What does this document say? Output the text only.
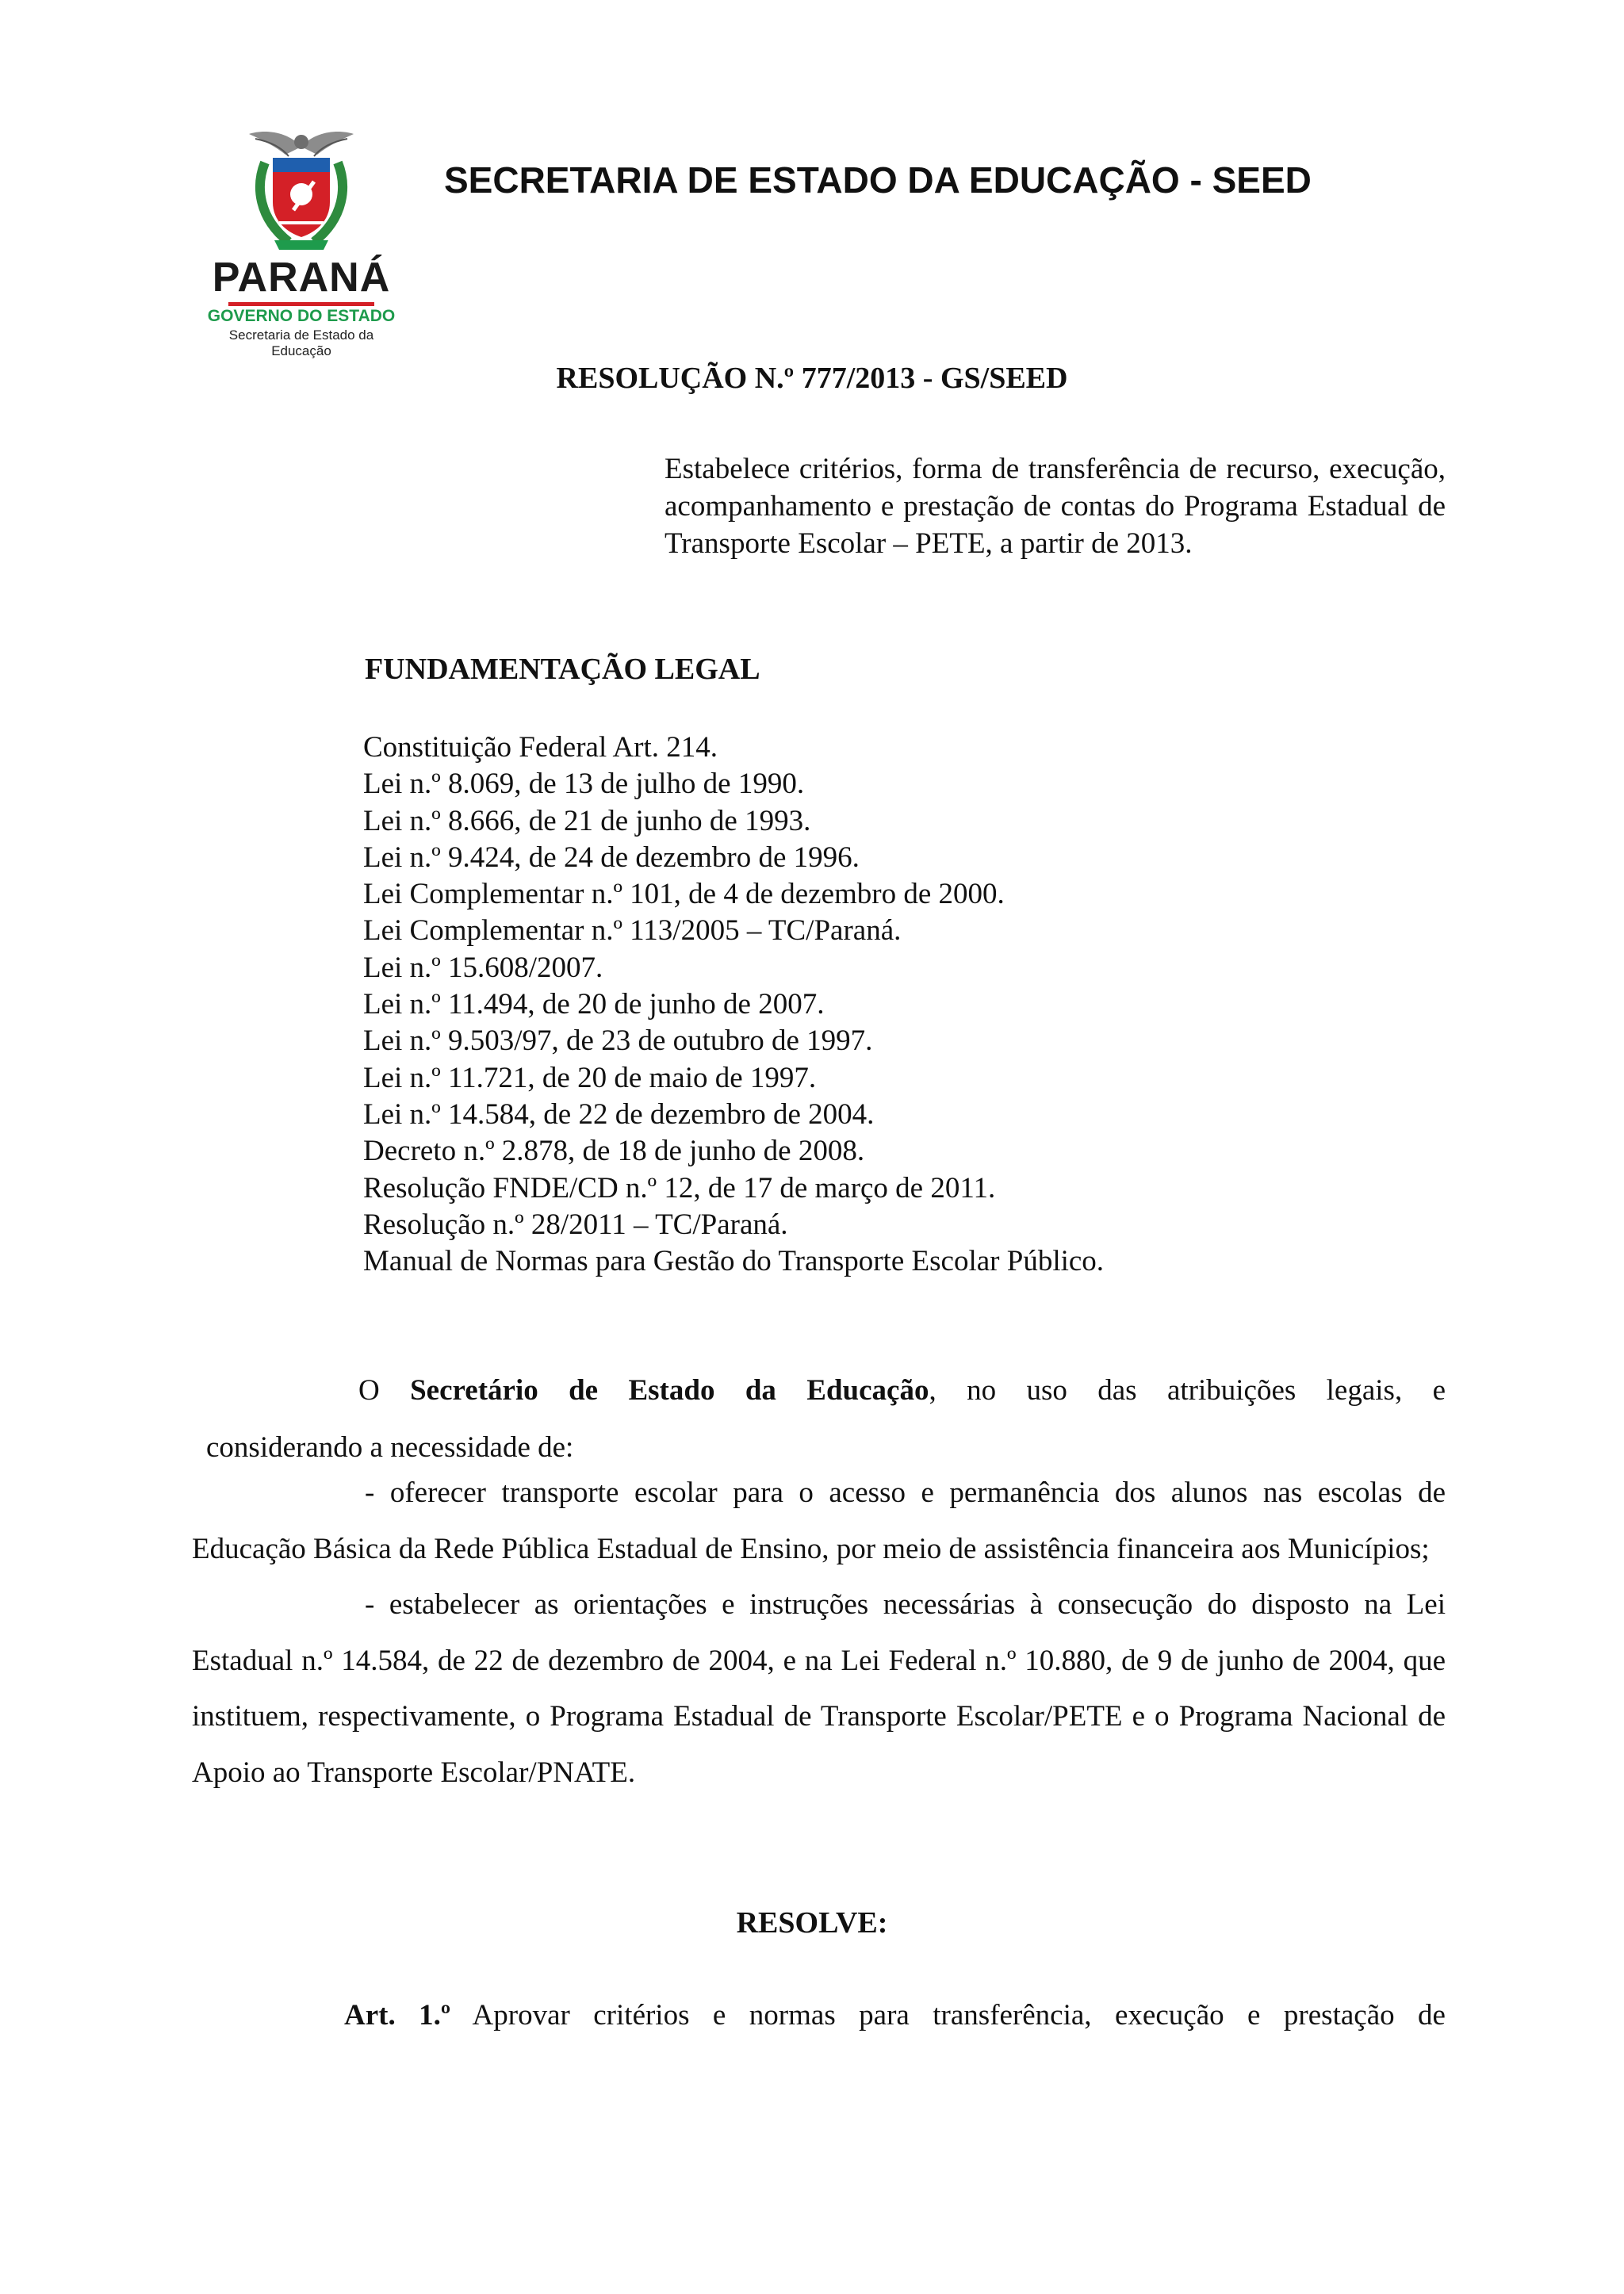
PARANÁ
GOVERNO DO ESTADO
Secretaria de Estado da Educação
SECRETARIA DE ESTADO DA EDUCAÇÃO - SEED
RESOLUÇÃO N.º 777/2013 - GS/SEED
Estabelece critérios, forma de transferência de recurso, execução, acompanhamento e prestação de contas do Programa Estadual de Transporte Escolar – PETE, a partir de 2013.
FUNDAMENTAÇÃO LEGAL
Constituição Federal Art. 214.
Lei n.º 8.069, de 13 de julho de 1990.
Lei n.º 8.666, de 21 de junho de 1993.
Lei n.º 9.424, de 24 de dezembro de 1996.
Lei Complementar n.º 101, de 4 de dezembro de 2000.
Lei Complementar n.º 113/2005 – TC/Paraná.
Lei n.º 15.608/2007.
Lei n.º 11.494, de 20 de junho de 2007.
Lei n.º 9.503/97, de 23 de outubro de 1997.
Lei n.º 11.721, de 20 de maio de 1997.
Lei n.º 14.584, de 22 de dezembro de 2004.
Decreto n.º 2.878, de 18 de junho de 2008.
Resolução FNDE/CD n.º 12, de 17 de março de 2011.
Resolução n.º 28/2011 – TC/Paraná.
Manual de Normas para Gestão do Transporte Escolar Público.
O Secretário de Estado da Educação, no uso das atribuições legais, e
considerando a necessidade de:

- oferecer transporte escolar para o acesso e permanência dos alunos nas escolas de Educação Básica da Rede Pública Estadual de Ensino, por meio de assistência financeira aos Municípios;

- estabelecer as orientações e instruções necessárias à consecução do disposto na Lei Estadual n.º 14.584, de 22 de dezembro de 2004, e na Lei Federal n.º 10.880, de 9 de junho de 2004, que instituem, respectivamente, o Programa Estadual de Transporte Escolar/PETE e o Programa Nacional de Apoio ao Transporte Escolar/PNATE.

RESOLVE:
Art. 1.º Aprovar critérios e normas para transferência, execução e prestação de
